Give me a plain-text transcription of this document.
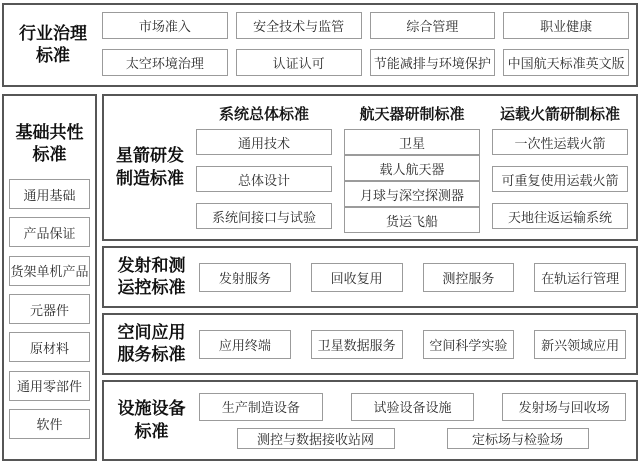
行业治理
标准
市场准入	安全技术与监管	综合管理	职业健康
太空环境治理	认证认可	节能减排与环境保护	中国航天标准英文版
基础共性
标准
通用基础
产品保证
货架单机产品
元器件
原材料
通用零部件
软件
星箭研发
制造标准
系统总体标准
通用技术
总体设计
系统间接口与试验
航天器研制标准
卫星
载人航天器
月球与深空探测器
货运飞船
运载火箭研制标准
一次性运载火箭
可重复使用运载火箭
天地往返运输系统
发射和测
运控标准	发射服务	回收复用	测控服务	在轨运行管理
空间应用
服务标准	应用终端	卫星数据服务	空间科学实验	新兴领域应用
设施设备
标准
生产制造设备	试验设备设施	发射场与回收场
测控与数据接收站网	定标场与检验场
